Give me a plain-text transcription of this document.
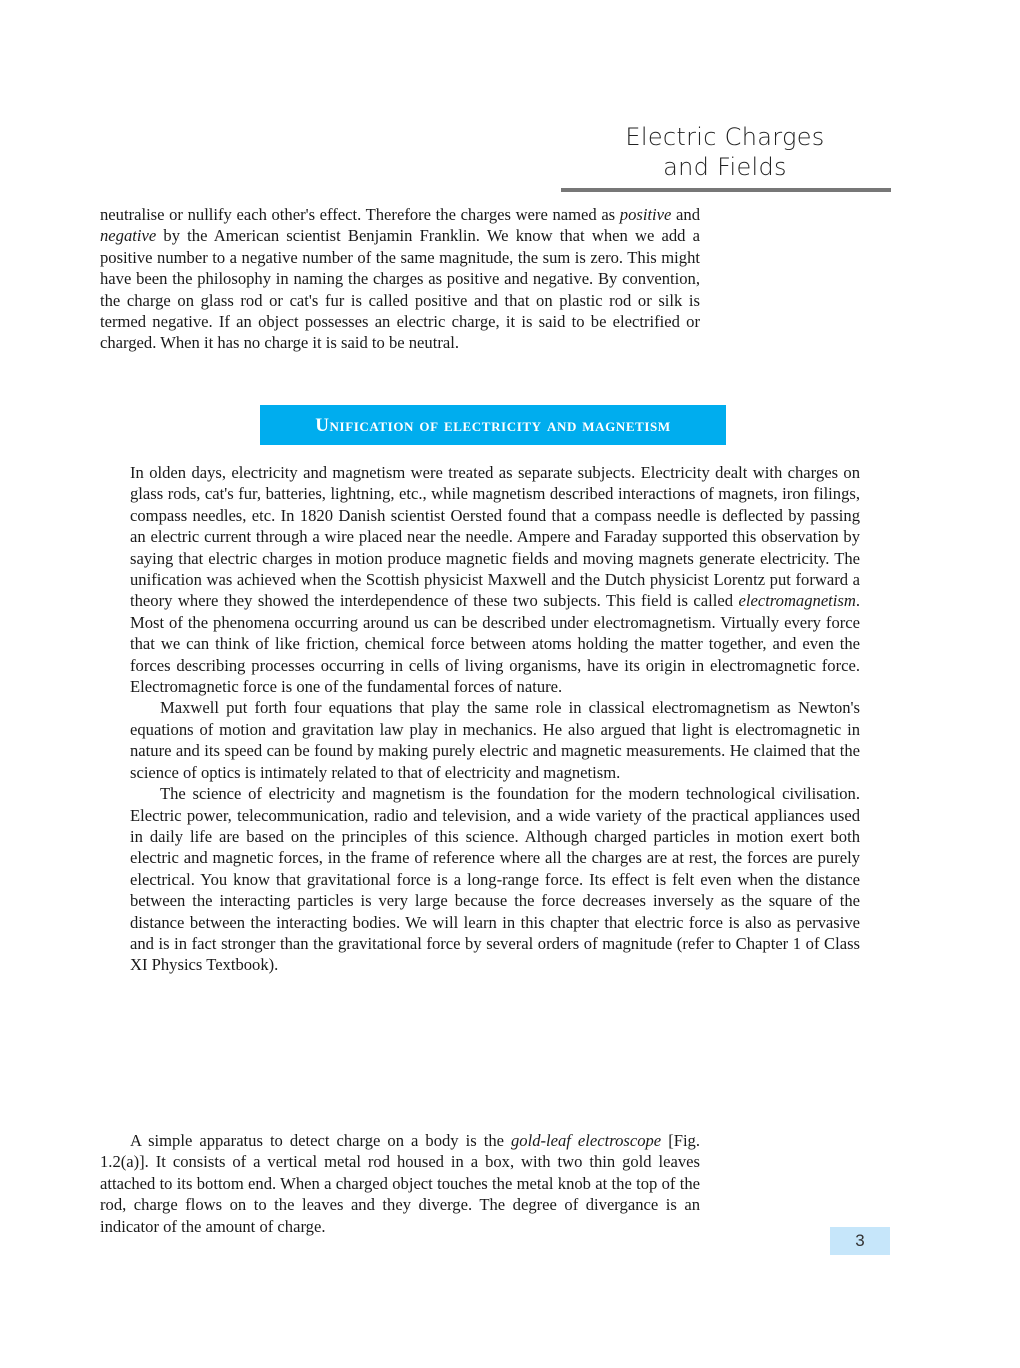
Electric Charges
and Fields

neutralise or nullify each other's effect. Therefore the charges were named as positive and negative by the American scientist Benjamin Franklin. We know that when we add a positive number to a negative number of the same magnitude, the sum is zero. This might have been the philosophy in naming the charges as positive and negative. By convention, the charge on glass rod or cat's fur is called positive and that on plastic rod or silk is termed negative. If an object possesses an electric charge, it is said to be electrified or charged. When it has no charge it is said to be neutral.

Unification of electricity and magnetism

In olden days, electricity and magnetism were treated as separate subjects. Electricity dealt with charges on glass rods, cat's fur, batteries, lightning, etc., while magnetism described interactions of magnets, iron filings, compass needles, etc. In 1820 Danish scientist Oersted found that a compass needle is deflected by passing an electric current through a wire placed near the needle. Ampere and Faraday supported this observation by saying that electric charges in motion produce magnetic fields and moving magnets generate electricity. The unification was achieved when the Scottish physicist Maxwell and the Dutch physicist Lorentz put forward a theory where they showed the interdependence of these two subjects. This field is called electromagnetism. Most of the phenomena occurring around us can be described under electromagnetism. Virtually every force that we can think of like friction, chemical force between atoms holding the matter together, and even the forces describing processes occurring in cells of living organisms, have its origin in electromagnetic force. Electromagnetic force is one of the fundamental forces of nature.

Maxwell put forth four equations that play the same role in classical electromagnetism as Newton's equations of motion and gravitation law play in mechanics. He also argued that light is electromagnetic in nature and its speed can be found by making purely electric and magnetic measurements. He claimed that the science of optics is intimately related to that of electricity and magnetism.

The science of electricity and magnetism is the foundation for the modern technological civilisation. Electric power, telecommunication, radio and television, and a wide variety of the practical appliances used in daily life are based on the principles of this science. Although charged particles in motion exert both electric and magnetic forces, in the frame of reference where all the charges are at rest, the forces are purely electrical. You know that gravitational force is a long-range force. Its effect is felt even when the distance between the interacting particles is very large because the force decreases inversely as the square of the distance between the interacting bodies. We will learn in this chapter that electric force is also as pervasive and is in fact stronger than the gravitational force by several orders of magnitude (refer to Chapter 1 of Class XI Physics Textbook).

A simple apparatus to detect charge on a body is the gold-leaf electroscope [Fig. 1.2(a)]. It consists of a vertical metal rod housed in a box, with two thin gold leaves attached to its bottom end. When a charged object touches the metal knob at the top of the rod, charge flows on to the leaves and they diverge. The degree of divergance is an indicator of the amount of charge.

3
